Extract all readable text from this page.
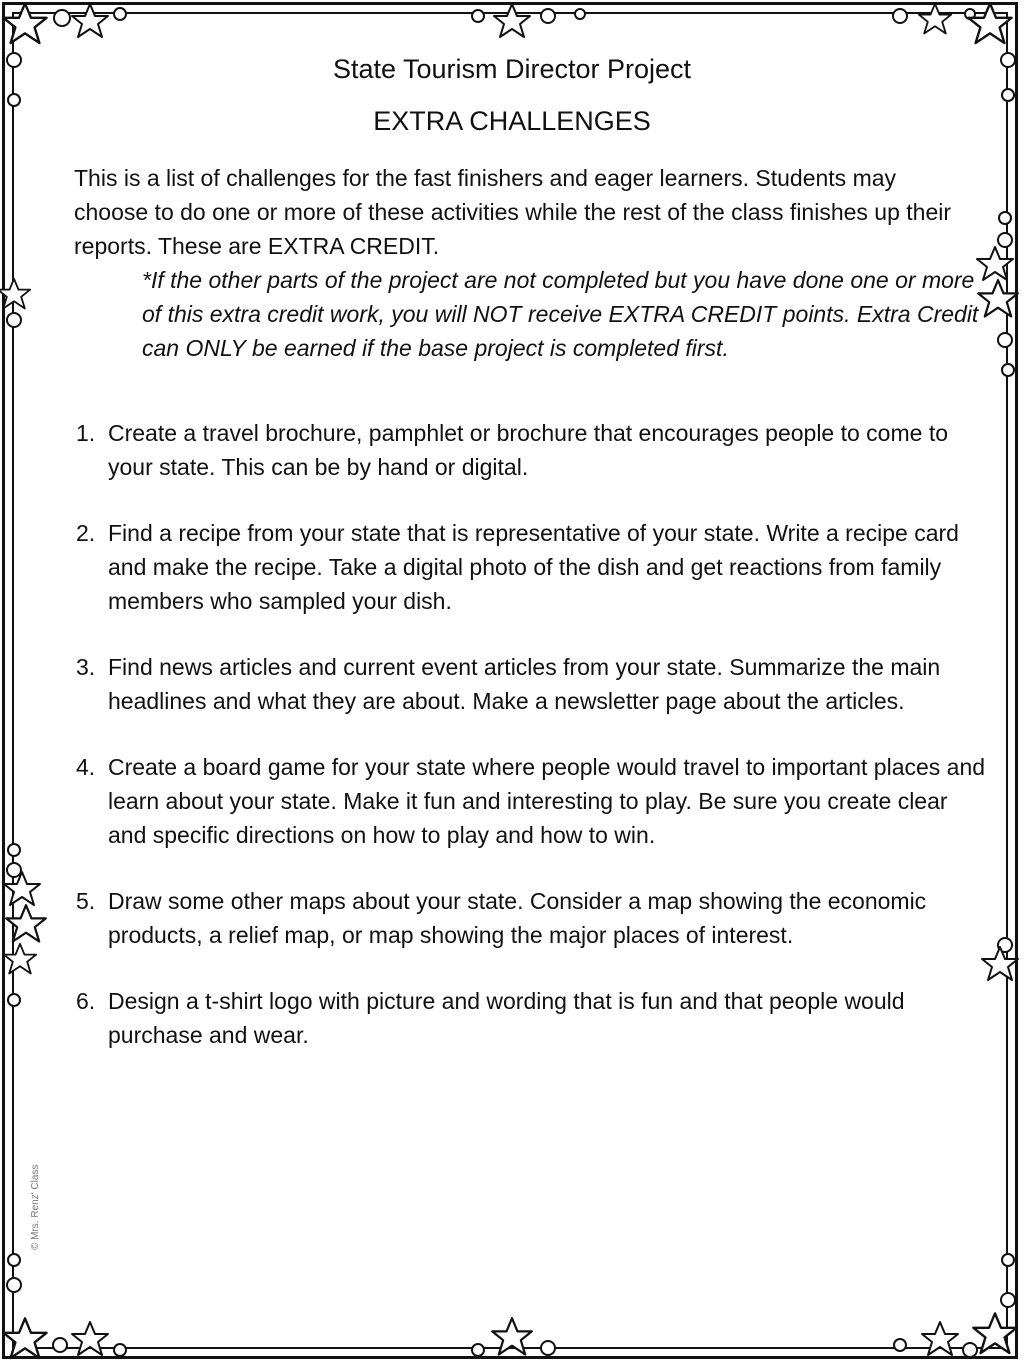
State Tourism Director Project
EXTRA CHALLENGES

This is a list of challenges for the fast finishers and eager learners. Students may choose to do one or more of these activities while the rest of the class finishes up their reports. These are EXTRA CREDIT.

*If the other parts of the project are not completed but you have done one or more of this extra credit work, you will NOT receive EXTRA CREDIT points. Extra Credit can ONLY be earned if the base project is completed first.

1. Create a travel brochure, pamphlet or brochure that encourages people to come to your state. This can be by hand or digital.
2. Find a recipe from your state that is representative of your state. Write a recipe card and make the recipe. Take a digital photo of the dish and get reactions from family members who sampled your dish.
3. Find news articles and current event articles from your state. Summarize the main headlines and what they are about. Make a newsletter page about the articles.
4. Create a board game for your state where people would travel to important places and learn about your state. Make it fun and interesting to play. Be sure you create clear and specific directions on how to play and how to win.
5. Draw some other maps about your state. Consider a map showing the economic products, a relief map, or map showing the major places of interest.
6. Design a t-shirt logo with picture and wording that is fun and that people would purchase and wear.
© Mrs. Renz' Class
